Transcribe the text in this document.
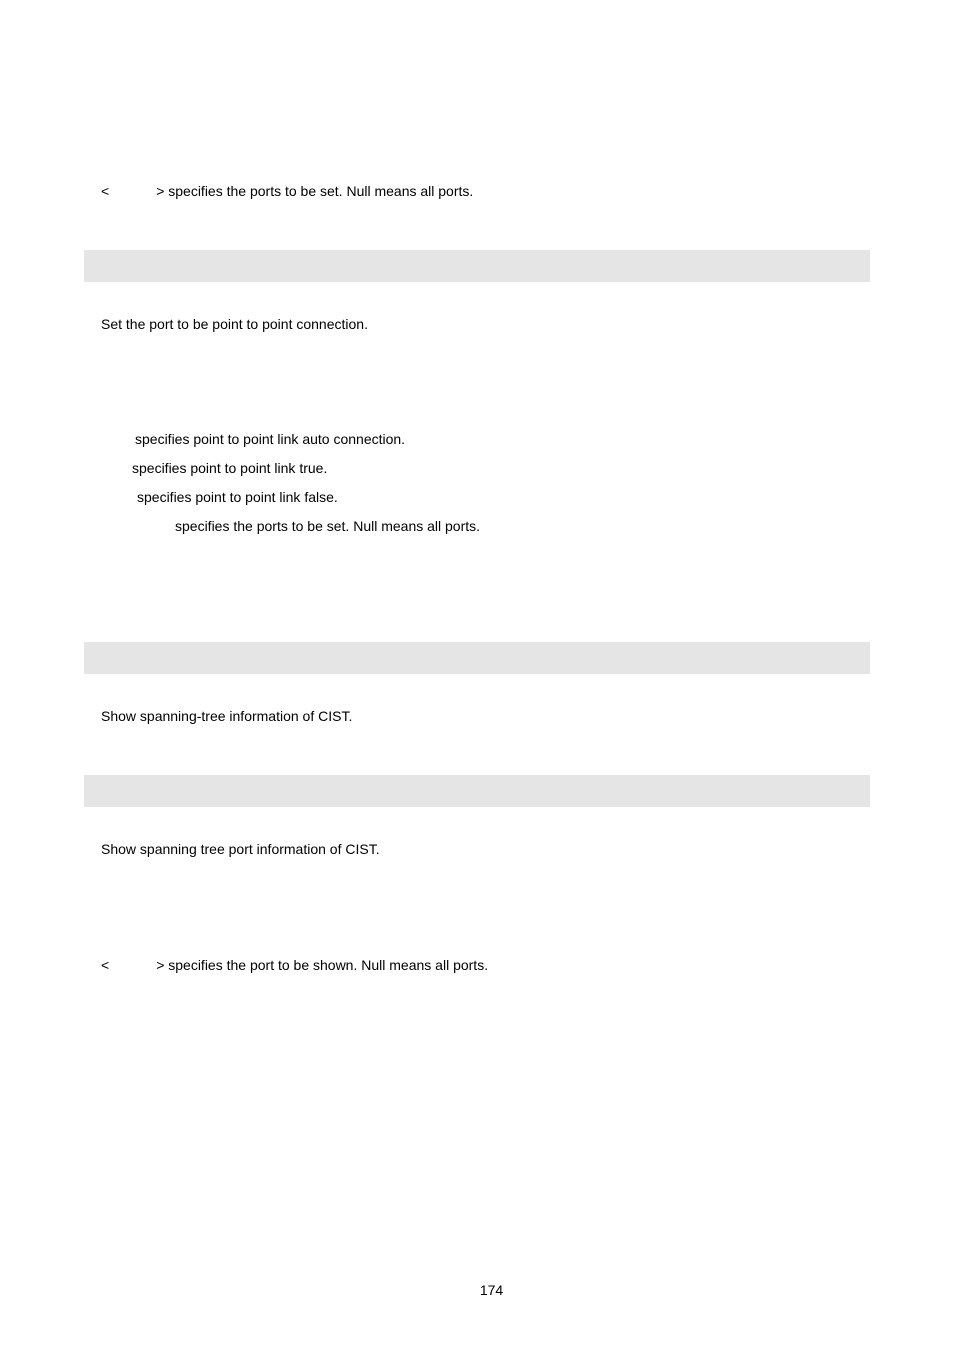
<	> specifies the ports to be set. Null means all ports.
Set the port to be point to point connection.
specifies point to point link auto connection.
specifies point to point link true.
specifies point to point link false.
specifies the ports to be set. Null means all ports.
Show spanning-tree information of CIST.
Show spanning tree port information of CIST.
<	> specifies the port to be shown. Null means all ports.
174
